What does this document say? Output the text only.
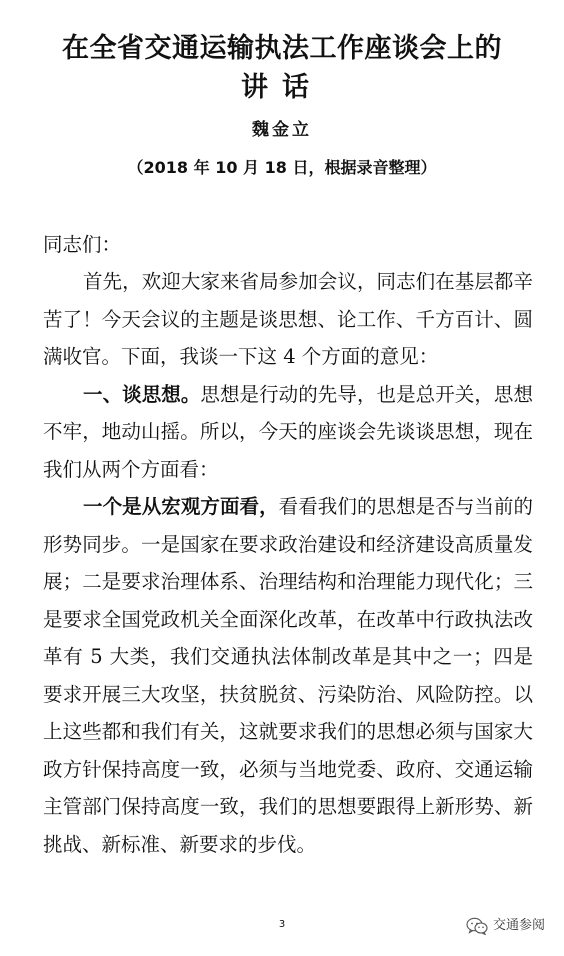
在全省交通运输执法工作座谈会上的
讲话
魏金立
（2018 年 10 月 18 日，根据录音整理）
同志们：

首先，欢迎大家来省局参加会议，同志们在基层都辛苦了！今天会议的主题是谈思想、论工作、千方百计、圆满收官。下面，我谈一下这 4 个方面的意见：

一、谈思想。思想是行动的先导，也是总开关，思想不牢，地动山摇。所以，今天的座谈会先谈谈思想，现在我们从两个方面看：

一个是从宏观方面看，看看我们的思想是否与当前的形势同步。一是国家在要求政治建设和经济建设高质量发展；二是要求治理体系、治理结构和治理能力现代化；三是要求全国党政机关全面深化改革，在改革中行政执法改革有 5 大类，我们交通执法体制改革是其中之一；四是要求开展三大攻坚，扶贫脱贫、污染防治、风险防控。以上这些都和我们有关，这就要求我们的思想必须与国家大政方针保持高度一致，必须与当地党委、政府、交通运输主管部门保持高度一致，我们的思想要跟得上新形势、新挑战、新标准、新要求的步伐。

3	交通参阅
